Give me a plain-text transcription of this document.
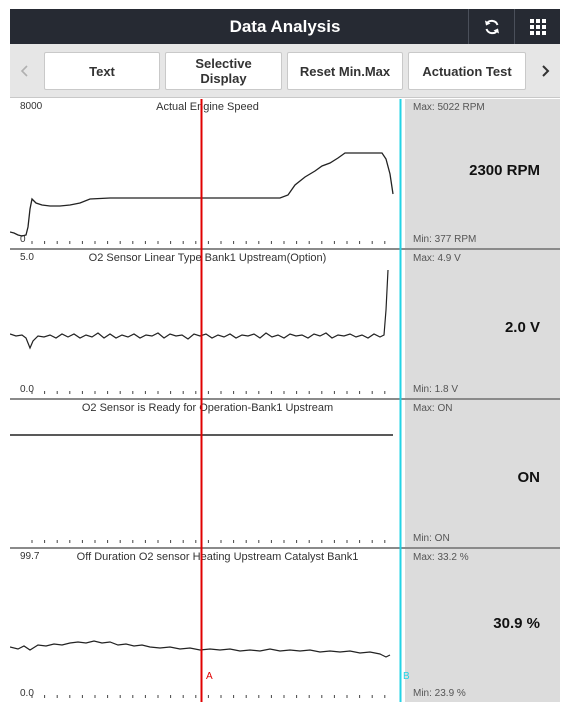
Data Analysis
Text	Selective
Display	Reset Min.Max	Actuation Test
8000	Actual Engine Speed
0
Max: 5022 RPM
2300 RPM
Min: 377 RPM
5.0	O2 Sensor Linear Type Bank1 Upstream(Option)
0.0
Max: 4.9 V
2.0 V
Min: 1.8 V
O2 Sensor is Ready for Operation-Bank1 Upstream	Max: ON
ON
Min: ON
99.7	Off Duration O2 sensor Heating Upstream Catalyst Bank1
0.0
Max: 33.2 %
30.9 %
Min: 23.9 %
A	B
